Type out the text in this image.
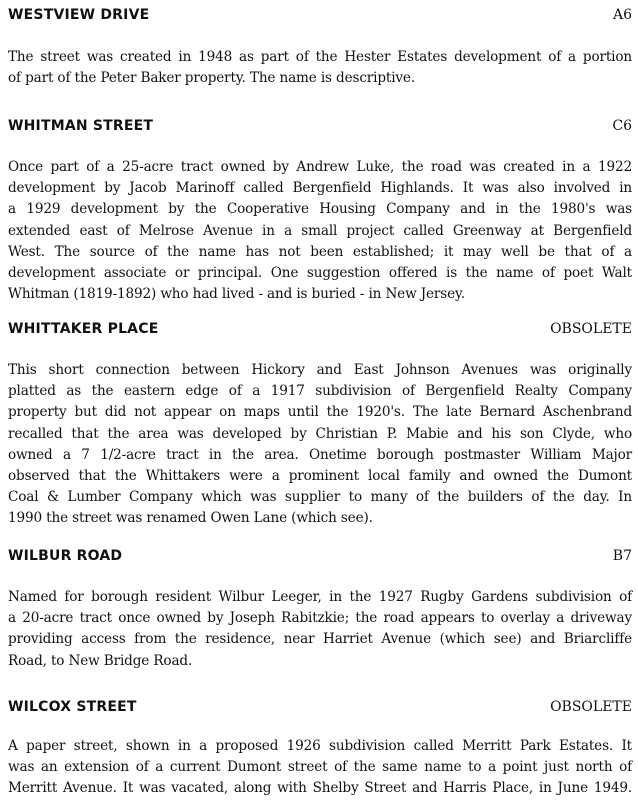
WESTVIEW DRIVE	A6

The street was created in 1948 as part of the Hester Estates development of a portion
of part of the Peter Baker property. The name is descriptive.

WHITMAN STREET	C6

Once part of a 25-acre tract owned by Andrew Luke, the road was created in a 1922
development by Jacob Marinoff called Bergenfield Highlands. It was also involved in
a 1929 development by the Cooperative Housing Company and in the 1980's was
extended east of Melrose Avenue in a small project called Greenway at Bergenfield
West. The source of the name has not been established; it may well be that of a
development associate or principal. One suggestion offered is the name of poet Walt
Whitman (1819-1892) who had lived - and is buried - in New Jersey.

WHITTAKER PLACE	OBSOLETE

This short connection between Hickory and East Johnson Avenues was originally
platted as the eastern edge of a 1917 subdivision of Bergenfield Realty Company
property but did not appear on maps until the 1920's. The late Bernard Aschenbrand
recalled that the area was developed by Christian P. Mabie and his son Clyde, who
owned a 7 1/2-acre tract in the area. Onetime borough postmaster William Major
observed that the Whittakers were a prominent local family and owned the Dumont
Coal & Lumber Company which was supplier to many of the builders of the day. In
1990 the street was renamed Owen Lane (which see).

WILBUR ROAD	B7

Named for borough resident Wilbur Leeger, in the 1927 Rugby Gardens subdivision of
a 20-acre tract once owned by Joseph Rabitzkie; the road appears to overlay a driveway
providing access from the residence, near Harriet Avenue (which see) and Briarcliffe
Road, to New Bridge Road.

WILCOX STREET	OBSOLETE

A paper street, shown in a proposed 1926 subdivision called Merritt Park Estates. It
was an extension of a current Dumont street of the same name to a point just north of
Merritt Avenue. It was vacated, along with Shelby Street and Harris Place, in June 1949.
